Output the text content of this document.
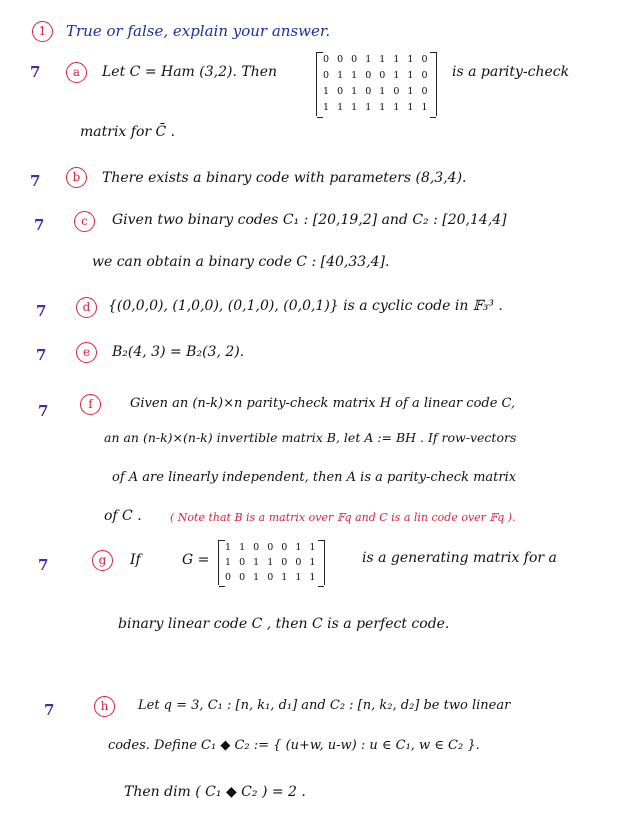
1	True or false, explain your answer.
7	a	Let C = Ham (3,2). Then
0 0 0 1 1 1 1 0
0 1 1 0 0 1 1 0
1 0 1 0 1 0 1 0
1 1 1 1 1 1 1 1
is a parity-check
matrix for C̄ .
7	b	There exists a binary code with parameters (8,3,4).
7	c	Given two binary codes C₁ : [20,19,2] and C₂ : [20,14,4]
we can obtain a binary code C : [40,33,4].
7	d	{(0,0,0), (1,0,0), (0,1,0), (0,0,1)} is a cyclic code in 𝔽₃³ .
7	e	B₂(4, 3) = B₂(3, 2).
7	f	Given an (n-k)×n parity-check matrix H of a linear code C,
an an (n-k)×(n-k) invertible matrix B, let A := BH . If row-vectors
of A are linearly independent, then A is a parity-check matrix
of C .	( Note that B is a matrix over 𝔽q and C is a lin code over 𝔽q ).
7	g	If	G =
1 1 0 0 0 1 1
1 0 1 1 0 0 1
0 0 1 0 1 1 1
is a generating matrix for a
binary linear code C , then C is a perfect code.
7	h	Let q = 3, C₁ : [n, k₁, d₁] and C₂ : [n, k₂, d₂] be two linear
codes. Define C₁ ◆ C₂ := { (u+w, u-w) : u ∈ C₁, w ∈ C₂ }.
Then dim ( C₁ ◆ C₂ ) = 2 .
